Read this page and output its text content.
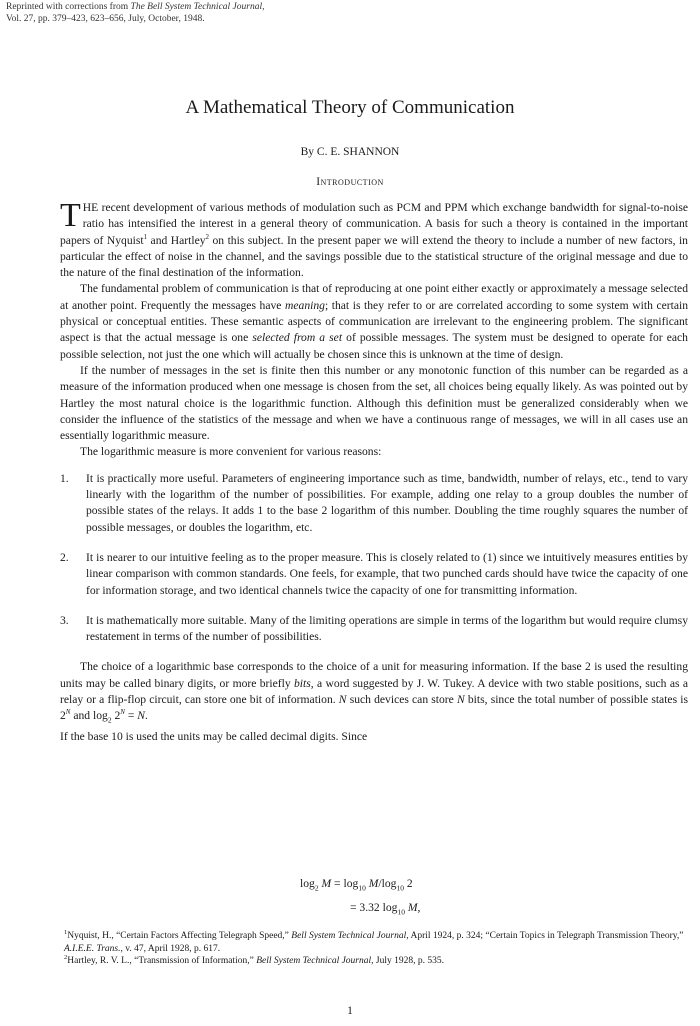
Reprinted with corrections from The Bell System Technical Journal,
Vol. 27, pp. 379–423, 623–656, July, October, 1948.
A Mathematical Theory of Communication
By C. E. SHANNON
Introduction

THE recent development of various methods of modulation such as PCM and PPM which exchange bandwidth for signal-to-noise ratio has intensified the interest in a general theory of communication. A basis for such a theory is contained in the important papers of Nyquist$^1$ and Hartley$^2$ on this subject. In the present paper we will extend the theory to include a number of new factors, in particular the effect of noise in the channel, and the savings possible due to the statistical structure of the original message and due to the nature of the final destination of the information.

The fundamental problem of communication is that of reproducing at one point either exactly or approximately a message selected at another point. Frequently the messages have meaning; that is they refer to or are correlated according to some system with certain physical or conceptual entities. These semantic aspects of communication are irrelevant to the engineering problem. The significant aspect is that the actual message is one selected from a set of possible messages. The system must be designed to operate for each possible selection, not just the one which will actually be chosen since this is unknown at the time of design.

If the number of messages in the set is finite then this number or any monotonic function of this number can be regarded as a measure of the information produced when one message is chosen from the set, all choices being equally likely. As was pointed out by Hartley the most natural choice is the logarithmic function. Although this definition must be generalized considerably when we consider the influence of the statistics of the message and when we have a continuous range of messages, we will in all cases use an essentially logarithmic measure.

The logarithmic measure is more convenient for various reasons:

1. It is practically more useful. Parameters of engineering importance such as time, bandwidth, number of relays, etc., tend to vary linearly with the logarithm of the number of possibilities. For example, adding one relay to a group doubles the number of possible states of the relays. It adds 1 to the base 2 logarithm of this number. Doubling the time roughly squares the number of possible messages, or doubles the logarithm, etc.
2. It is nearer to our intuitive feeling as to the proper measure. This is closely related to (1) since we intuitively measures entities by linear comparison with common standards. One feels, for example, that two punched cards should have twice the capacity of one for information storage, and two identical channels twice the capacity of one for transmitting information.
3. It is mathematically more suitable. Many of the limiting operations are simple in terms of the logarithm but would require clumsy restatement in terms of the number of possibilities.

The choice of a logarithmic base corresponds to the choice of a unit for measuring information. If the base 2 is used the resulting units may be called binary digits, or more briefly bits, a word suggested by J. W. Tukey. A device with two stable positions, such as a relay or a flip-flop circuit, can store one bit of information. N such devices can store N bits, since the total number of possible states is $2^N$ and $\log_2 2^N = N$.
If the base 10 is used the units may be called decimal digits. Since

$\log_2 M = \log_{10} M/\log_{10}$ 2
= 3.32 $\log_{10} M$,
$^1$Nyquist, H., “Certain Factors Affecting Telegraph Speed,” Bell System Technical Journal, April 1924, p. 324; “Certain Topics in Telegraph Transmission Theory,” A.I.E.E. Trans., v. 47, April 1928, p. 617.
$^2$Hartley, R. V. L., “Transmission of Information,” Bell System Technical Journal, July 1928, p. 535.
1
